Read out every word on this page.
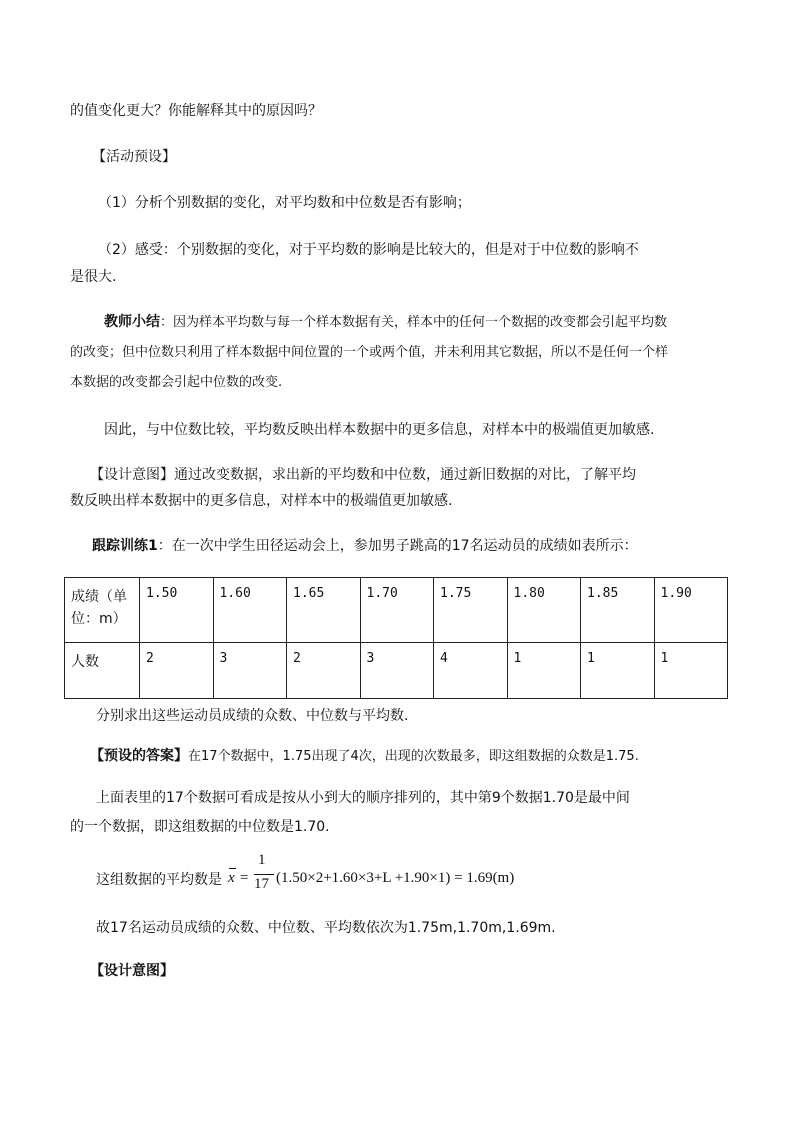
的值变化更大？你能解释其中的原因吗？
【活动预设】
（1）分析个别数据的变化，对平均数和中位数是否有影响；
（2）感受：个别数据的变化，对于平均数的影响是比较大的，但是对于中位数的影响不
是很大.
教师小结：因为样本平均数与每一个样本数据有关，样本中的任何一个数据的改变都会引起平均数
的改变；但中位数只利用了样本数据中间位置的一个或两个值，并未利用其它数据，所以不是任何一个样
本数据的改变都会引起中位数的改变.
因此，与中位数比较，平均数反映出样本数据中的更多信息，对样本中的极端值更加敏感.
【设计意图】通过改变数据，求出新的平均数和中位数，通过新旧数据的对比，了解平均
数反映出样本数据中的更多信息，对样本中的极端值更加敏感.
跟踪训练1：在一次中学生田径运动会上，参加男子跳高的17名运动员的成绩如表所示：
成绩（单位：m）	1.50	1.60	1.65	1.70	1.75	1.80	1.85	1.90
人数	2	3	2	3	4	1	1	1
分别求出这些运动员成绩的众数、中位数与平均数.
【预设的答案】在17个数据中，1.75出现了4次，出现的次数最多，即这组数据的众数是1.75.
上面表里的17个数据可看成是按从小到大的顺序排列的，其中第9个数据1.70是最中间
的一个数据，即这组数据的中位数是1.70.
这组数据的平均数是 x =
1
17 (1.50×2+1.60×3+L +1.90×1) = 1.69(m)
故17名运动员成绩的众数、中位数、平均数依次为1.75m,1.70m,1.69m.
【设计意图】
